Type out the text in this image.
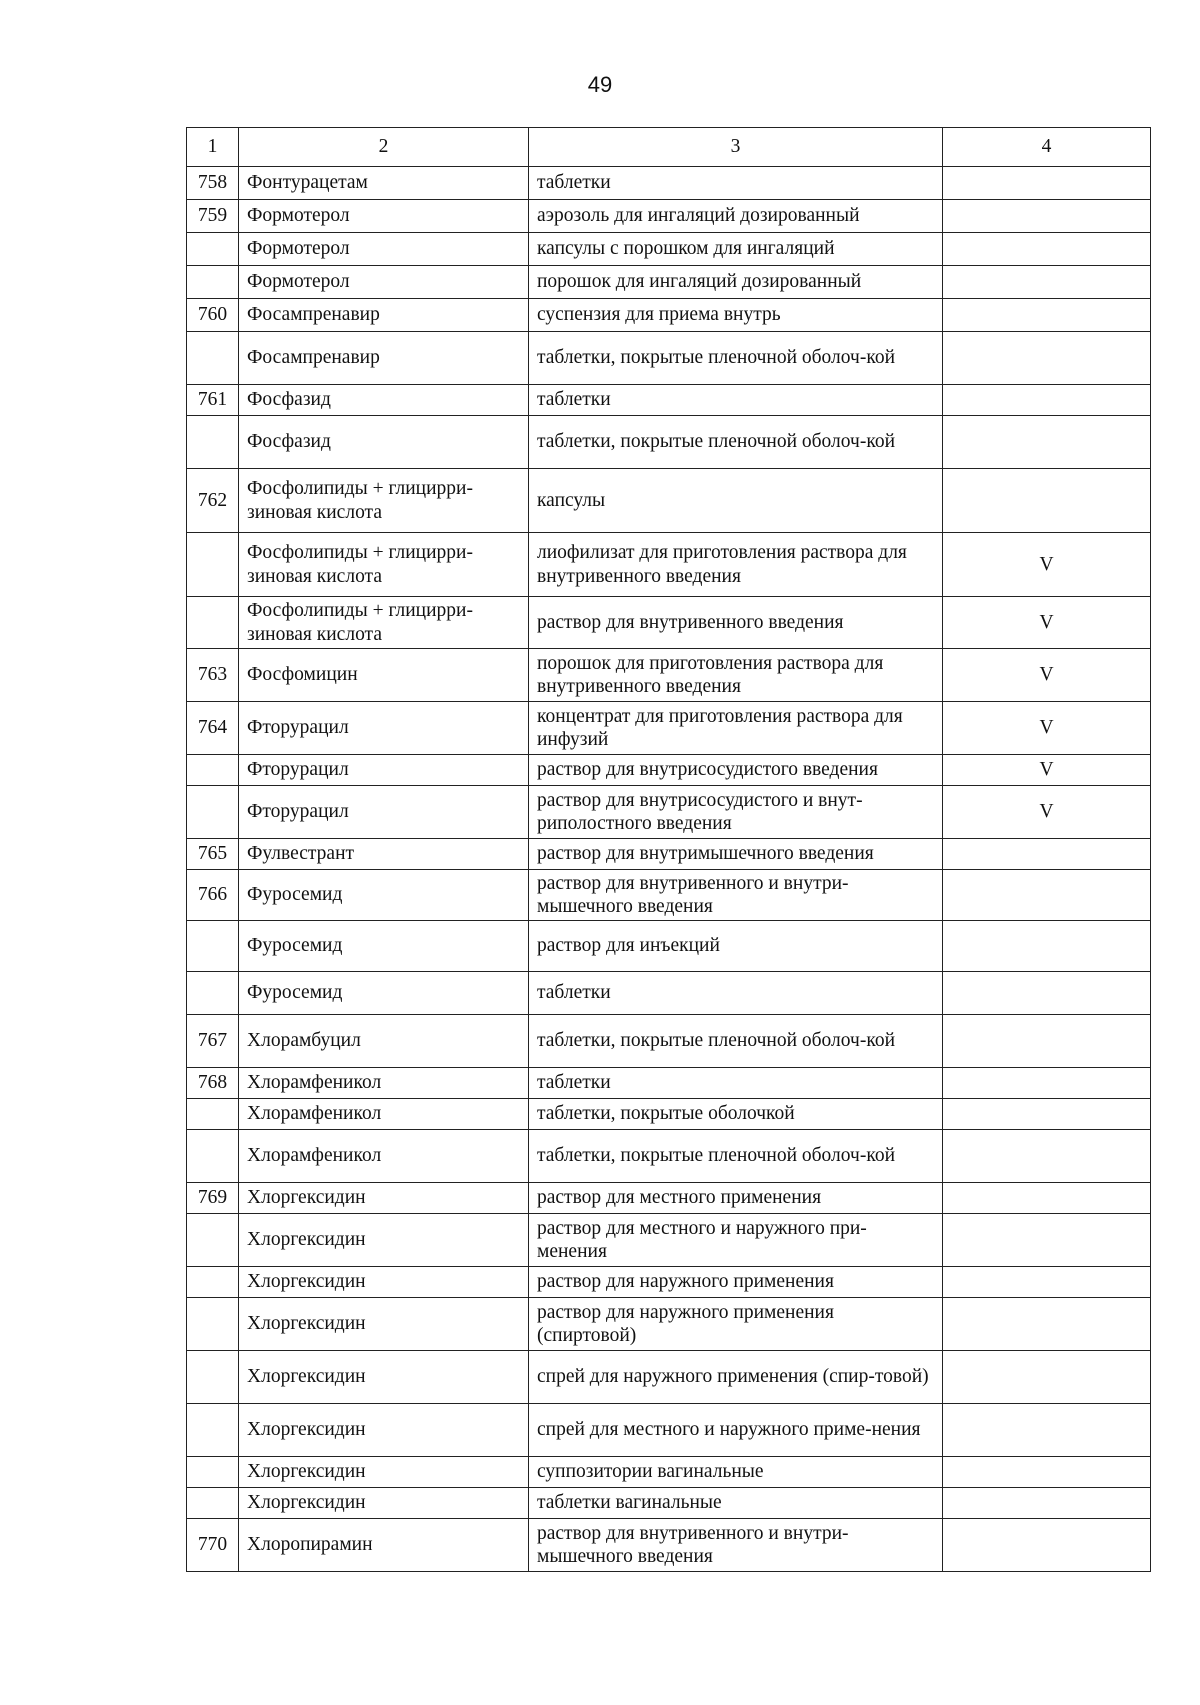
49
1	2	3	4
758	Фонтурацетам	таблетки	
759	Формотерол	аэрозоль для ингаляций дозированный	
	Формотерол	капсулы с порошком для ингаляций	
	Формотерол	порошок для ингаляций дозированный	
760	Фосампренавир	суспензия для приема внутрь	
	Фосампренавир	таблетки, покрытые пленочной оболоч-кой	
761	Фосфазид	таблетки	
	Фосфазид	таблетки, покрытые пленочной оболоч-кой	
762	Фосфолипиды + глицирри-зиновая кислота	капсулы	
	Фосфолипиды + глицирри-зиновая кислота	лиофилизат для приготовления раствора для внутривенного введения	V
	Фосфолипиды + глицирри-зиновая кислота	раствор для внутривенного введения	V
763	Фосфомицин	порошок для приготовления раствора для внутривенного введения	V
764	Фторурацил	концентрат для приготовления раствора для инфузий	V
	Фторурацил	раствор для внутрисосудистого введения	V
	Фторурацил	раствор для внутрисосудистого и внут-риполостного введения	V
765	Фулвестрант	раствор для внутримышечного введения	
766	Фуросемид	раствор для внутривенного и внутри-мышечного введения	
	Фуросемид	раствор для инъекций	
	Фуросемид	таблетки	
767	Хлорамбуцил	таблетки, покрытые пленочной оболоч-кой	
768	Хлорамфеникол	таблетки	
	Хлорамфеникол	таблетки, покрытые оболочкой	
	Хлорамфеникол	таблетки, покрытые пленочной оболоч-кой	
769	Хлоргексидин	раствор для местного применения	
	Хлоргексидин	раствор для местного и наружного при-менения	
	Хлоргексидин	раствор для наружного применения	
	Хлоргексидин	раствор для наружного применения (спиртовой)	
	Хлоргексидин	спрей для наружного применения (спир-товой)	
	Хлоргексидин	спрей для местного и наружного приме-нения	
	Хлоргексидин	суппозитории вагинальные	
	Хлоргексидин	таблетки вагинальные	
770	Хлоропирамин	раствор для внутривенного и внутри-мышечного введения	
